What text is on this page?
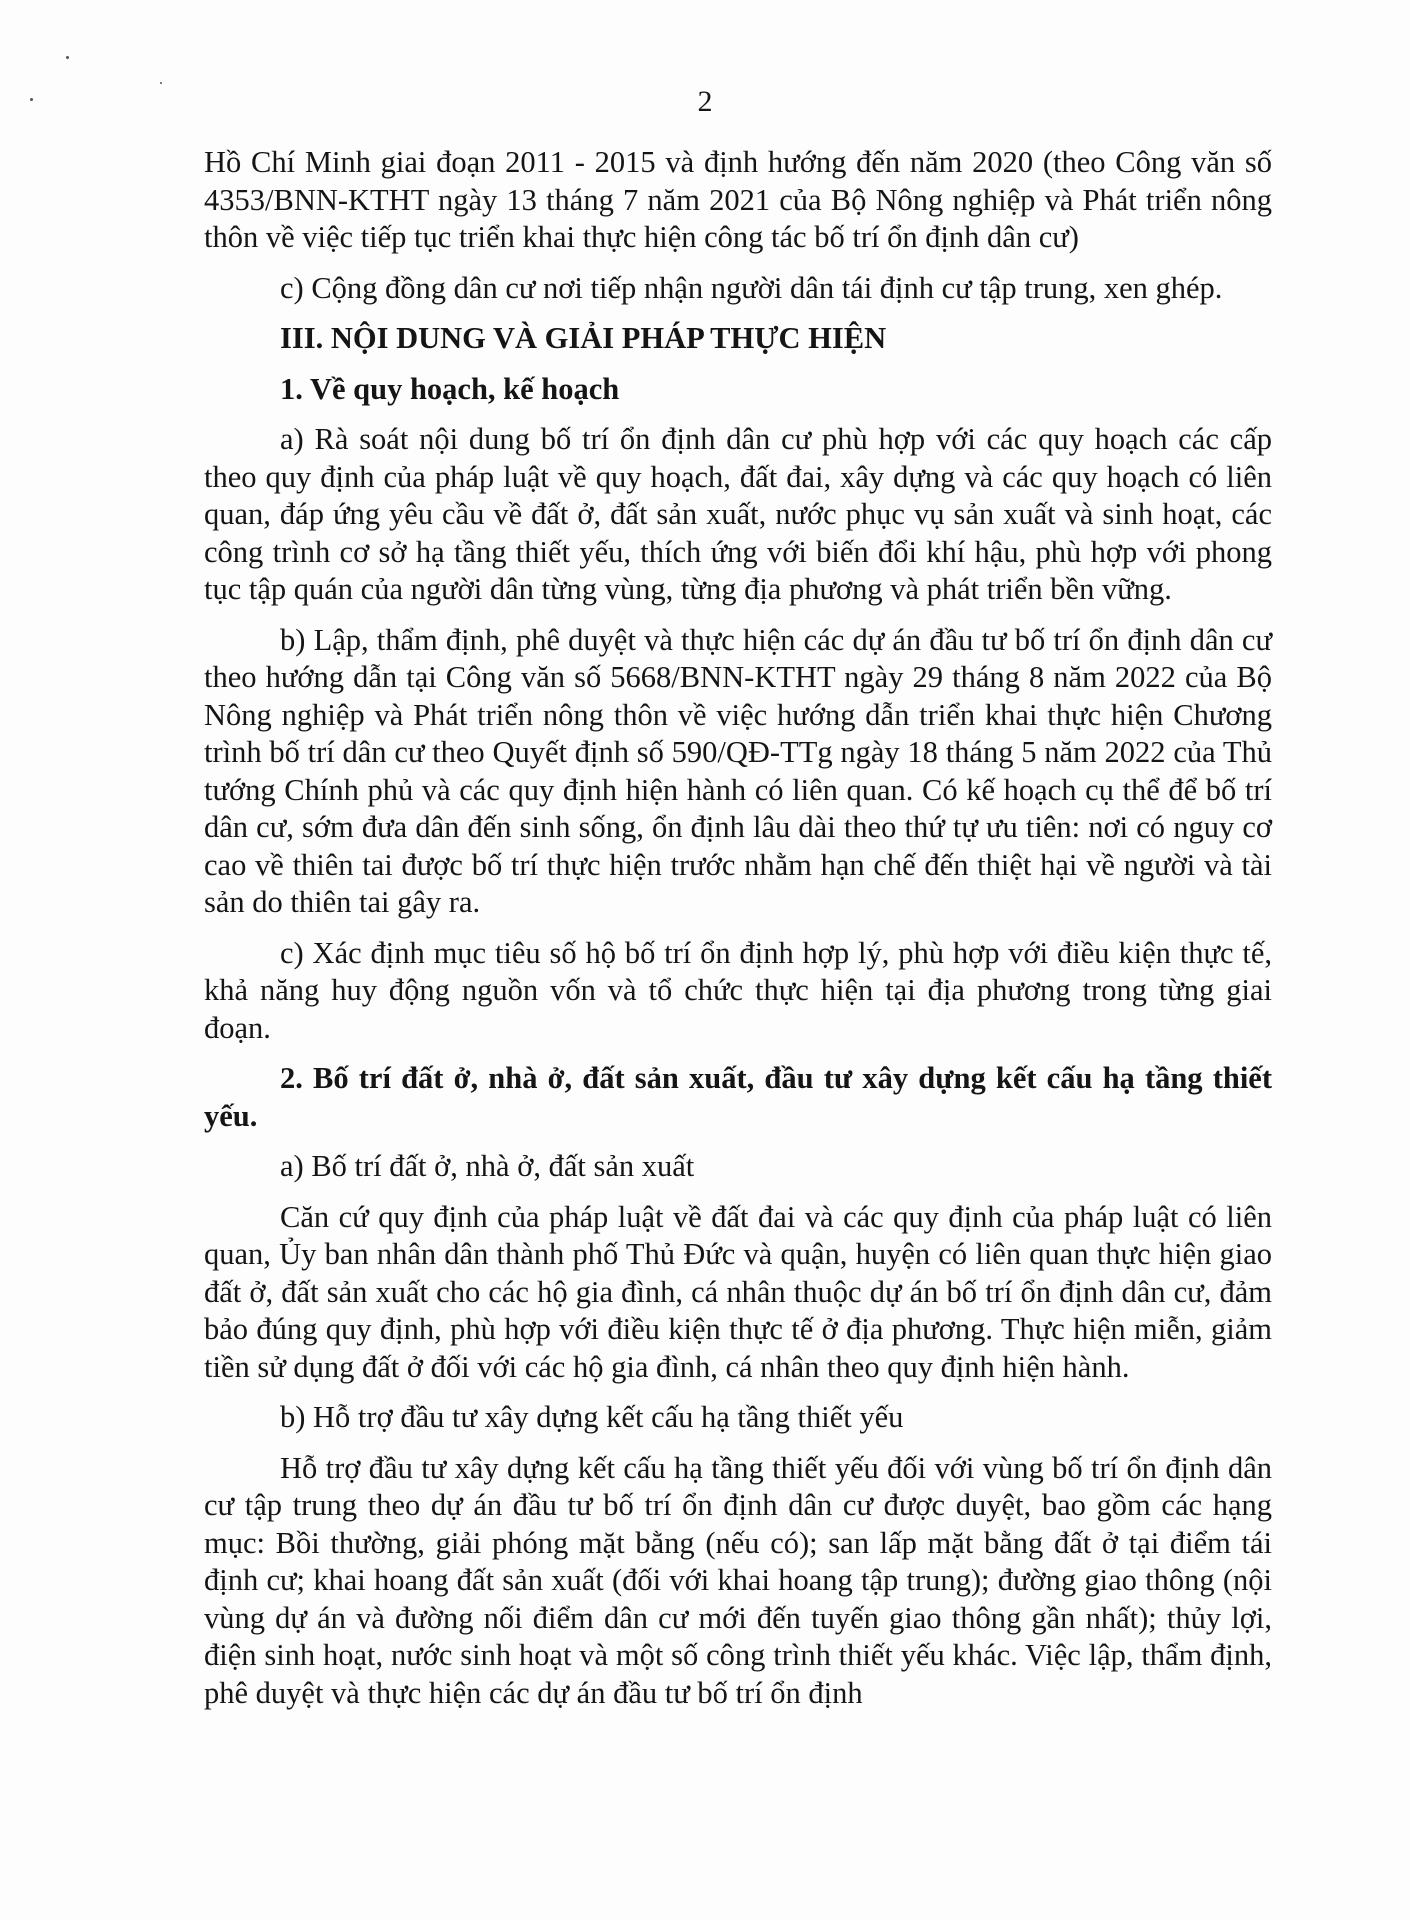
2

Hồ Chí Minh giai đoạn 2011 - 2015 và định hướng đến năm 2020 (theo Công văn số 4353/BNN-KTHT ngày 13 tháng 7 năm 2021 của Bộ Nông nghiệp và Phát triển nông thôn về việc tiếp tục triển khai thực hiện công tác bố trí ổn định dân cư)

c) Cộng đồng dân cư nơi tiếp nhận người dân tái định cư tập trung, xen ghép.

III. NỘI DUNG VÀ GIẢI PHÁP THỰC HIỆN

1. Về quy hoạch, kế hoạch

a) Rà soát nội dung bố trí ổn định dân cư phù hợp với các quy hoạch các cấp theo quy định của pháp luật về quy hoạch, đất đai, xây dựng và các quy hoạch có liên quan, đáp ứng yêu cầu về đất ở, đất sản xuất, nước phục vụ sản xuất và sinh hoạt, các công trình cơ sở hạ tầng thiết yếu, thích ứng với biến đổi khí hậu, phù hợp với phong tục tập quán của người dân từng vùng, từng địa phương và phát triển bền vững.

b) Lập, thẩm định, phê duyệt và thực hiện các dự án đầu tư bố trí ổn định dân cư theo hướng dẫn tại Công văn số 5668/BNN-KTHT ngày 29 tháng 8 năm 2022 của Bộ Nông nghiệp và Phát triển nông thôn về việc hướng dẫn triển khai thực hiện Chương trình bố trí dân cư theo Quyết định số 590/QĐ-TTg ngày 18 tháng 5 năm 2022 của Thủ tướng Chính phủ và các quy định hiện hành có liên quan. Có kế hoạch cụ thể để bố trí dân cư, sớm đưa dân đến sinh sống, ổn định lâu dài theo thứ tự ưu tiên: nơi có nguy cơ cao về thiên tai được bố trí thực hiện trước nhằm hạn chế đến thiệt hại về người và tài sản do thiên tai gây ra.

c) Xác định mục tiêu số hộ bố trí ổn định hợp lý, phù hợp với điều kiện thực tế, khả năng huy động nguồn vốn và tổ chức thực hiện tại địa phương trong từng giai đoạn.

2. Bố trí đất ở, nhà ở, đất sản xuất, đầu tư xây dựng kết cấu hạ tầng thiết yếu.

a) Bố trí đất ở, nhà ở, đất sản xuất

Căn cứ quy định của pháp luật về đất đai và các quy định của pháp luật có liên quan, Ủy ban nhân dân thành phố Thủ Đức và quận, huyện có liên quan thực hiện giao đất ở, đất sản xuất cho các hộ gia đình, cá nhân thuộc dự án bố trí ổn định dân cư, đảm bảo đúng quy định, phù hợp với điều kiện thực tế ở địa phương. Thực hiện miễn, giảm tiền sử dụng đất ở đối với các hộ gia đình, cá nhân theo quy định hiện hành.

b) Hỗ trợ đầu tư xây dựng kết cấu hạ tầng thiết yếu

Hỗ trợ đầu tư xây dựng kết cấu hạ tầng thiết yếu đối với vùng bố trí ổn định dân cư tập trung theo dự án đầu tư bố trí ổn định dân cư được duyệt, bao gồm các hạng mục: Bồi thường, giải phóng mặt bằng (nếu có); san lấp mặt bằng đất ở tại điểm tái định cư; khai hoang đất sản xuất (đối với khai hoang tập trung); đường giao thông (nội vùng dự án và đường nối điểm dân cư mới đến tuyến giao thông gần nhất); thủy lợi, điện sinh hoạt, nước sinh hoạt và một số công trình thiết yếu khác. Việc lập, thẩm định, phê duyệt và thực hiện các dự án đầu tư bố trí ổn định
